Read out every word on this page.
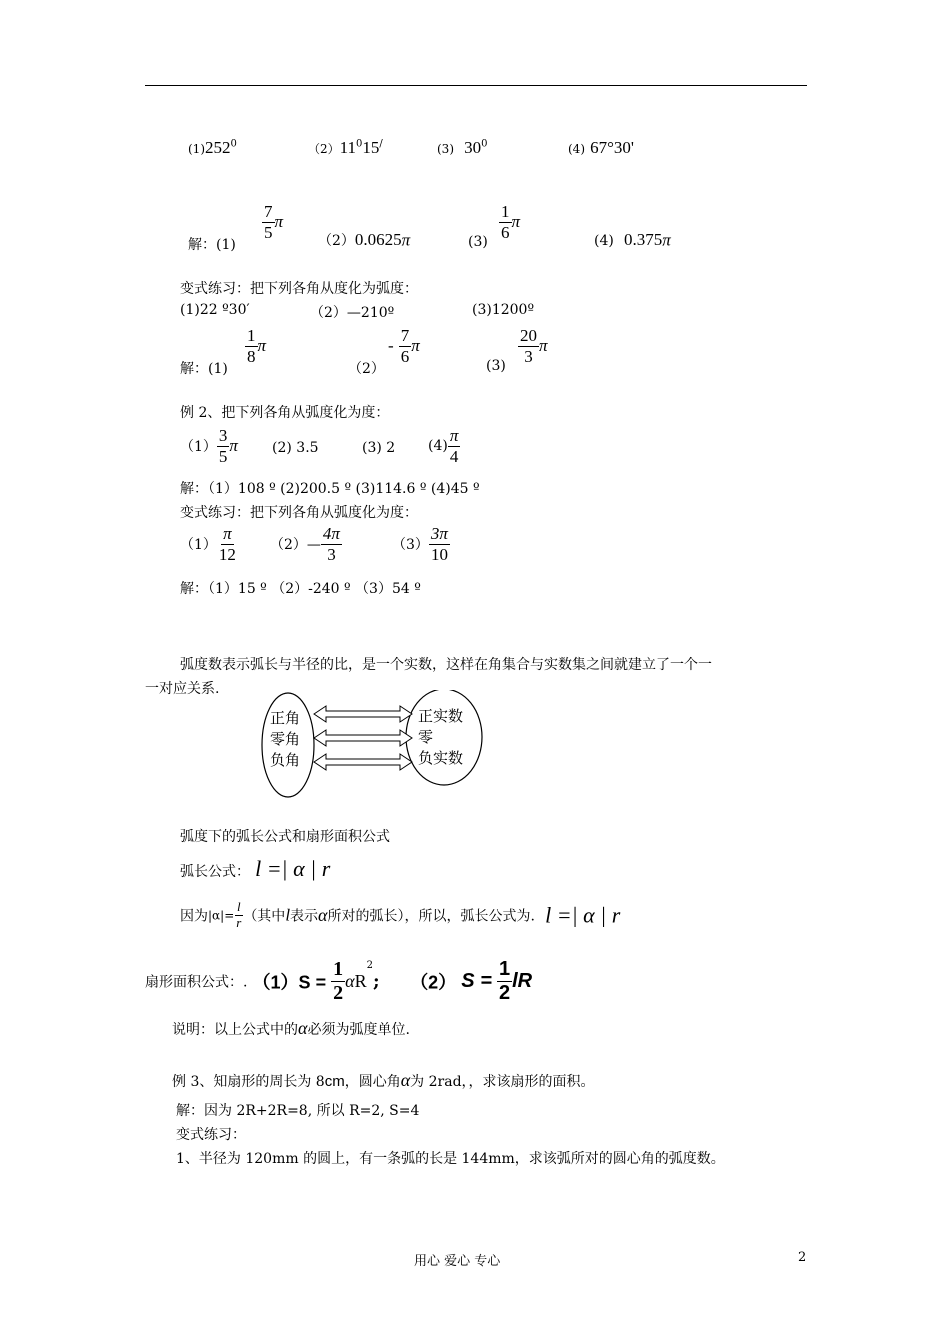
$(1)252^0$	$(2)11^015^/$	(3) $30^0$	(4) 67°30'
解：(1)
$\frac{7}{5}$ π
（2）0.0625π	$(3) \frac{1}{6}$ π
(4) 0.375π
变式练习：把下列各角从度化为弧度：
(1)22 º30′	（2）—210º	(3)1200º
解：(1)
$\frac{1}{8}$ π
（2）
- $\frac{7}{6}$ π
$(3) \frac{20}{3}$ π
例 2、把下列各角从弧度化为度：
$(1) \frac{3}{5}$ π (2) 3.5	(3) 2 $(4) \frac{\pi}{4}$
解：（1）108 º (2)200.5 º (3)114.6 º (4)45 º
变式练习：把下列各角从弧度化为度：
$(1) \frac{\pi}{12}$ （2）— $\frac{4\pi}{3}$	$(3) \frac{3\pi}{10}$
解：（1）15 º （2）-240 º （3）54 º
弧度数表示弧长与半径的比，是一个实数，这样在角集合与实数集之间就建立了一个一
一对应关系.
正角
零角
负角
正实数
零
负实数
弧度下的弧长公式和扇形面积公式
弧长公式： l =| α | r
因为$|\alpha|= \frac{l}{r}$ （其中l表示α所对的弧长），所以，弧长公式为. l =| α | r
扇形面积公式：. $(1)S = \frac{1}{2} \alpha R^2$; （2） $S = \frac{1}{2}$ lR
说明：以上公式中的α必须为弧度单位.
例 3、知扇形的周长为 8cm，圆心角α为 2rad，，求该扇形的面积。
解：因为 2R+2R=8, 所以 R=2, S=4
变式练习：
1、半径为 120mm 的圆上，有一条弧的长是 144mm，求该弧所对的圆心角的弧度数。
用心 爱心 专心	2
